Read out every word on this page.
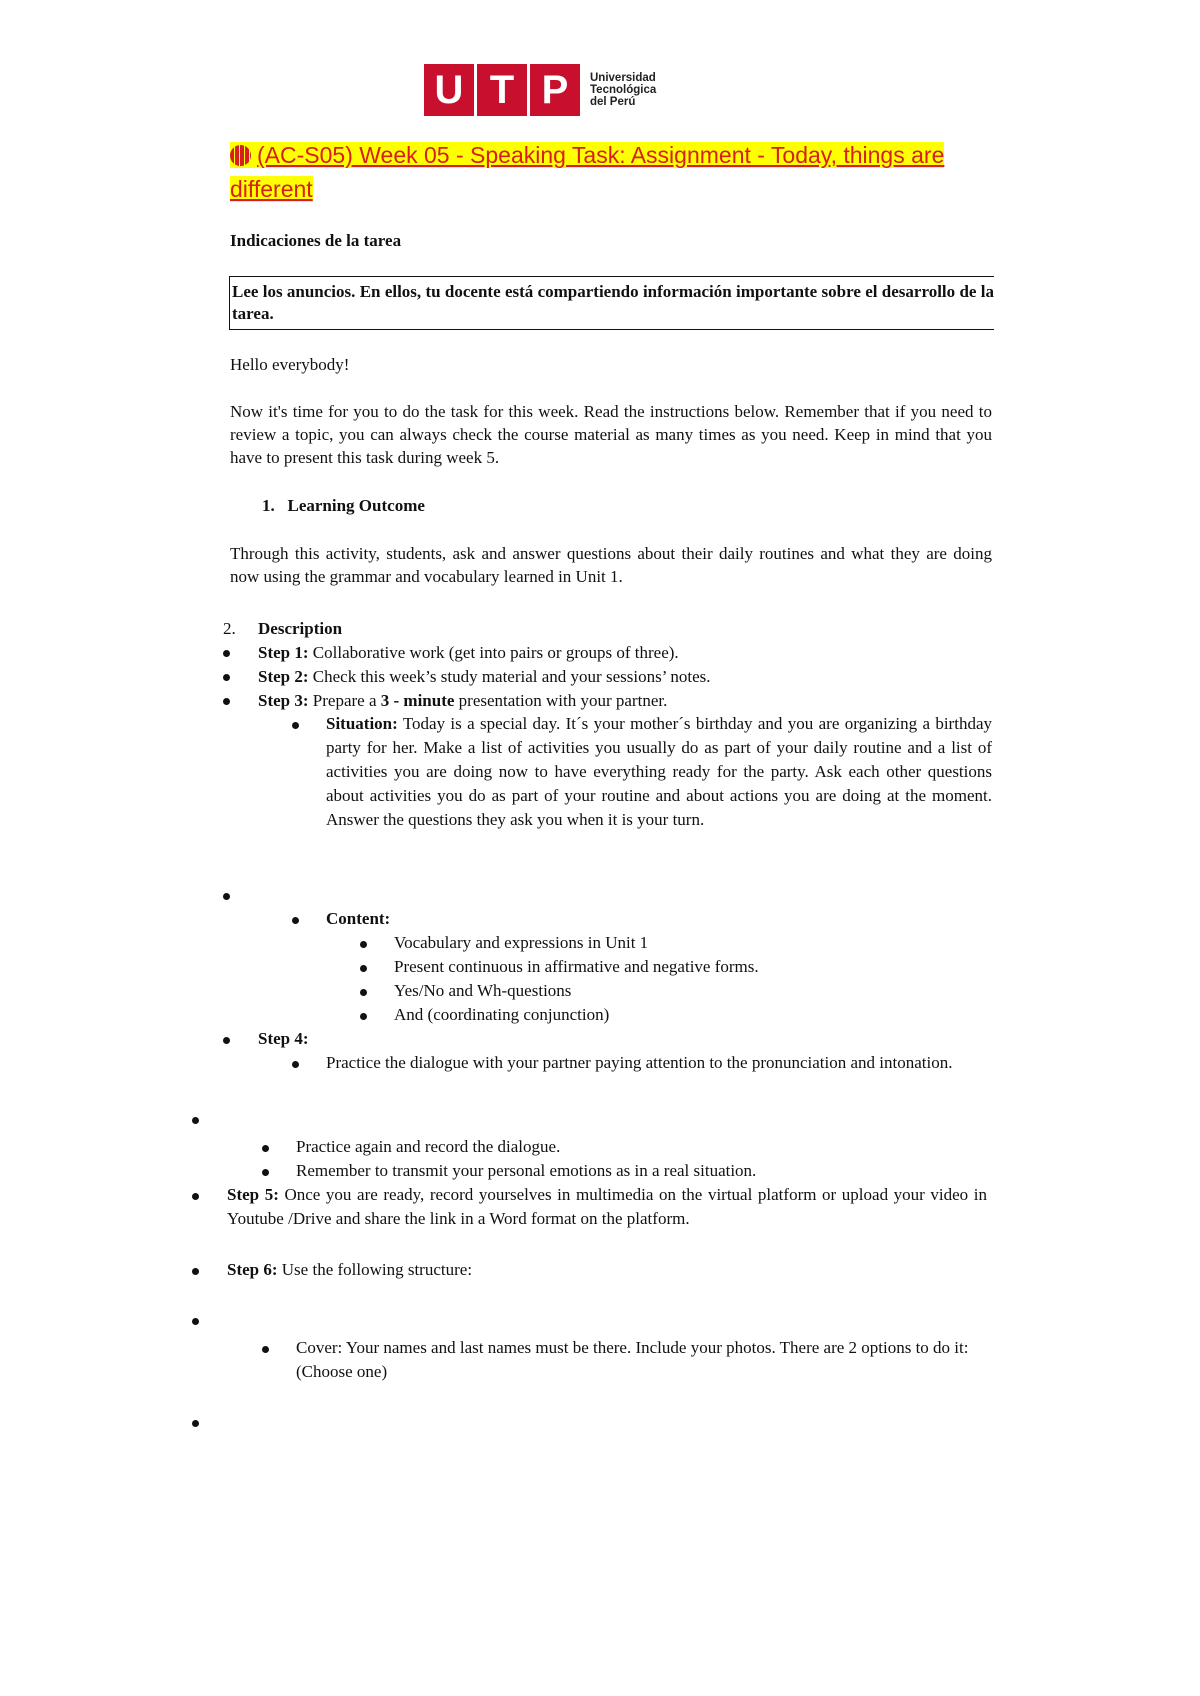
U T P	Universidad
Tecnológica
del Perú
(AC-S05) Week 05 - Speaking Task: Assignment - Today, things are different
Indicaciones de la tarea
Lee los anuncios. En ellos, tu docente está compartiendo información importante sobre el desarrollo de la tarea.
Hello everybody!
Now it's time for you to do the task for this week. Read the instructions below. Remember that if you need to review a topic, you can always check the course material as many times as you need. Keep in mind that you have to present this task during week 5.
1. Learning Outcome
Through this activity, students, ask and answer questions about their daily routines and what they are doing now using the grammar and vocabulary learned in Unit 1.
2. Description
Step 1: Collaborative work (get into pairs or groups of three).
Step 2: Check this week’s study material and your sessions’ notes.
Step 3: Prepare a 3 - minute presentation with your partner.
Situation: Today is a special day. It´s your mother´s birthday and you are organizing a birthday party for her. Make a list of activities you usually do as part of your daily routine and a list of activities you are doing now to have everything ready for the party. Ask each other questions about activities you do as part of your routine and about actions you are doing at the moment. Answer the questions they ask you when it is your turn.
Content:
Vocabulary and expressions in Unit 1
Present continuous in affirmative and negative forms.
Yes/No and Wh-questions
And (coordinating conjunction)
Step 4:
Practice the dialogue with your partner paying attention to the pronunciation and intonation.
Practice again and record the dialogue.
Remember to transmit your personal emotions as in a real situation.
Step 5: Once you are ready, record yourselves in multimedia on the virtual platform or upload your video in Youtube /Drive and share the link in a Word format on the platform.
Step 6: Use the following structure:
Cover: Your names and last names must be there. Include your photos. There are 2 options to do it: (Choose one)
